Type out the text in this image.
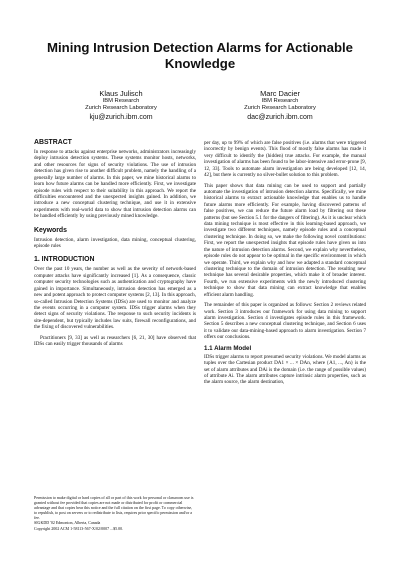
Mining Intrusion Detection Alarms for Actionable Knowledge
Klaus Julisch
IBM Research
Zurich Research Laboratory
kju@zurich.ibm.com
Marc Dacier
IBM Research
Zurich Research Laboratory
dac@zurich.ibm.com
ABSTRACT

In response to attacks against enterprise networks, administrators increasingly deploy intrusion detection systems. These systems monitor hosts, networks, and other resources for signs of security violations. The use of intrusion detection has given rise to another difficult problem, namely the handling of a generally large number of alarms. In this paper, we mine historical alarms to learn how future alarms can be handled more efficiently. First, we investigate episode rules with respect to their suitability in this approach. We report the difficulties encountered and the unexpected insights gained. In addition, we introduce a new conceptual clustering technique, and use it in extensive experiments with real-world data to show that intrusion detection alarms can be handled efficiently by using previously mined knowledge.

Keywords

Intrusion detection, alarm investigation, data mining, conceptual clustering, episode rules

1. INTRODUCTION

Over the past 10 years, the number as well as the severity of network-based computer attacks have significantly increased [1]. As a consequence, classic computer security technologies such as authentication and cryptography have gained in importance. Simultaneously, intrusion detection has emerged as a new and potent approach to protect computer systems [2, 13]. In this approach, so-called Intrusion Detection Systems (IDSs) are used to monitor and analyze the events occurring in a computer system. IDSs trigger alarms when they detect signs of security violations. The response to such security incidents is site-dependent, but typically includes law suits, firewall reconfigurations, and the fixing of discovered vulnerabilities.

Practitioners [9, 33] as well as researchers [6, 21, 30] have observed that IDSs can easily trigger thousands of alarms

Permission to make digital or hard copies of all or part of this work for personal or classroom use is granted without fee provided that copies are not made or distributed for profit or commercial advantage and that copies bear this notice and the full citation on the first page. To copy otherwise, to republish, to post on servers or to redistribute to lists, requires prior specific permission and/or a fee.

SIGKDD '02 Edmonton, Alberta, Canada

Copyright 2002 ACM 1-58113-567-X/02/0007 ...$5.00.

per day, up to 99% of which are false positives (i.e. alarms that were triggered incorrectly by benign events). This flood of mostly false alarms has made it very difficult to identify the (hidden) true attacks. For example, the manual investigation of alarms has been found to be labor-intensive and error-prone [9, 12, 33]. Tools to automate alarm investigation are being developed [12, 14, 42], but there is currently no silver-bullet solution to this problem.

This paper shows that data mining can be used to support and partially automate the investigation of intrusion detection alarms. Specifically, we mine historical alarms to extract actionable knowledge that enables us to handle future alarms more efficiently. For example, having discovered patterns of false positives, we can reduce the future alarm load by filtering out these patterns (but see Section 5.1 for the dangers of filtering). As it is unclear which data mining technique is most effective in this learning-based approach, we investigate two different techniques, namely episode rules and a conceptual clustering technique. In doing so, we make the following novel contributions: First, we report the unexpected insights that episode rules have given us into the nature of intrusion detection alarms. Second, we explain why nevertheless, episode rules do not appear to be optimal in the specific environment in which we operate. Third, we explain why and how we adapted a standard conceptual clustering technique to the domain of intrusion detection. The resulting new technique has several desirable properties, which make it of broader interest. Fourth, we run extensive experiments with the newly introduced clustering technique to show that data mining can extract knowledge that enables efficient alarm handling.

The remainder of this paper is organized as follows: Section 2 reviews related work. Section 3 introduces our framework for using data mining to support alarm investigation. Section 4 investigates episode rules in this framework. Section 5 describes a new conceptual clustering technique, and Section 6 uses it to validate our data-mining-based approach to alarm investigation. Section 7 offers our conclusions.

1.1 Alarm Model

IDSs trigger alarms to report presumed security violations. We model alarms as tuples over the Cartesian product DA1 × ... × DAn, where {A1, ..., An} is the set of alarm attributes and DAi is the domain (i.e. the range of possible values) of attribute Ai. The alarm attributes capture intrinsic alarm properties, such as the alarm source, the alarm destination,
